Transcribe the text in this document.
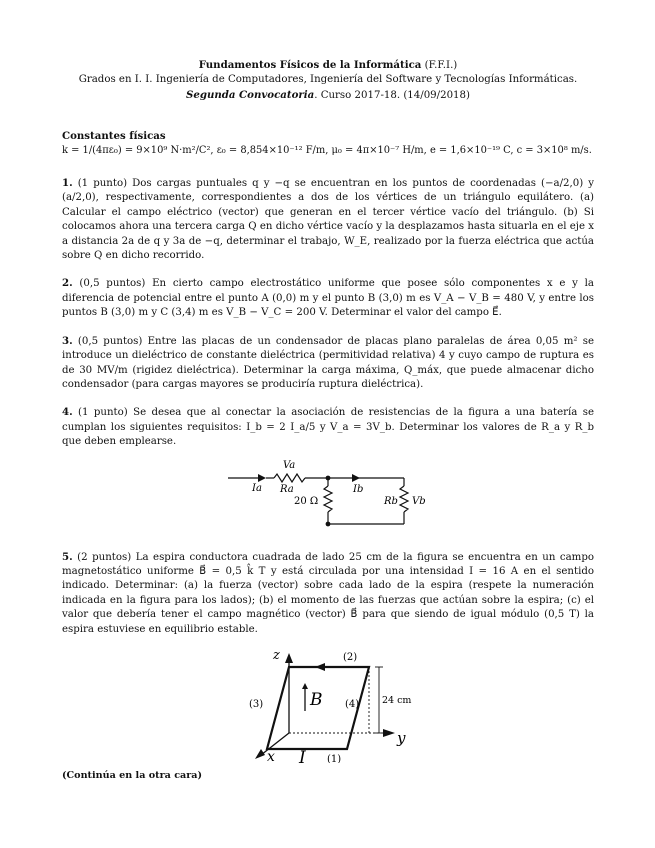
Fundamentos Físicos de la Informática (F.F.I.)
Grados en I. I. Ingeniería de Computadores, Ingeniería del Software y Tecnologías Informáticas.
Segunda Convocatoria. Curso 2017-18. (14/09/2018)
Constantes físicas
k = 1/(4πε₀) = 9×10⁹ N·m²/C², ε₀ = 8,854×10⁻¹² F/m, μ₀ = 4π×10⁻⁷ H/m, e = 1,6×10⁻¹⁹ C, c = 3×10⁸ m/s.

1. (1 punto) Dos cargas puntuales q y −q se encuentran en los puntos de coordenadas (−a/2,0) y (a/2,0), respectivamente, correspondientes a dos de los vértices de un triángulo equilátero. (a) Calcular el campo eléctrico (vector) que generan en el tercer vértice vacío del triángulo. (b) Si colocamos ahora una tercera carga Q en dicho vértice vacío y la desplazamos hasta situarla en el eje x a distancia 2a de q y 3a de −q, determinar el trabajo, W_E, realizado por la fuerza eléctrica que actúa sobre Q en dicho recorrido.

2. (0,5 puntos) En cierto campo electrostático uniforme que posee sólo componentes x e y la diferencia de potencial entre el punto A (0,0) m y el punto B (3,0) m es V_A − V_B = 480 V, y entre los puntos B (3,0) m y C (3,4) m es V_B − V_C = 200 V. Determinar el valor del campo E⃗.

3. (0,5 puntos) Entre las placas de un condensador de placas plano paralelas de área 0,05 m² se introduce un dieléctrico de constante dieléctrica (permitividad relativa) 4 y cuyo campo de ruptura es de 30 MV/m (rigidez dieléctrica). Determinar la carga máxima, Q_máx, que puede almacenar dicho condensador (para cargas mayores se produciría ruptura dieléctrica).

4. (1 punto) Se desea que al conectar la asociación de resistencias de la figura a una batería se cumplan los siguientes requisitos: I_b = 2 I_a/5 y V_a = 3V_b. Determinar los valores de R_a y R_b que deben emplearse.

Va
Ia Ra	Ib
20 Ω	Rb Vb

5. (2 puntos) La espira conductora cuadrada de lado 25 cm de la figura se encuentra en un campo magnetostático uniforme B⃗ = 0,5 k̂ T y está circulada por una intensidad I = 16 A en el sentido indicado. Determinar: (a) la fuerza (vector) sobre cada lado de la espira (respete la numeración indicada en la figura para los lados); (b) el momento de las fuerzas que actúan sobre la espira; (c) el valor que debería tener el campo magnético (vector) B⃗ para que siendo de igual módulo (0,5 T) la espira estuviese en equilibrio estable.

z
y
x
B
(2)
(3)	(4)
(1)
I
24 cm
(Continúa en la otra cara)
